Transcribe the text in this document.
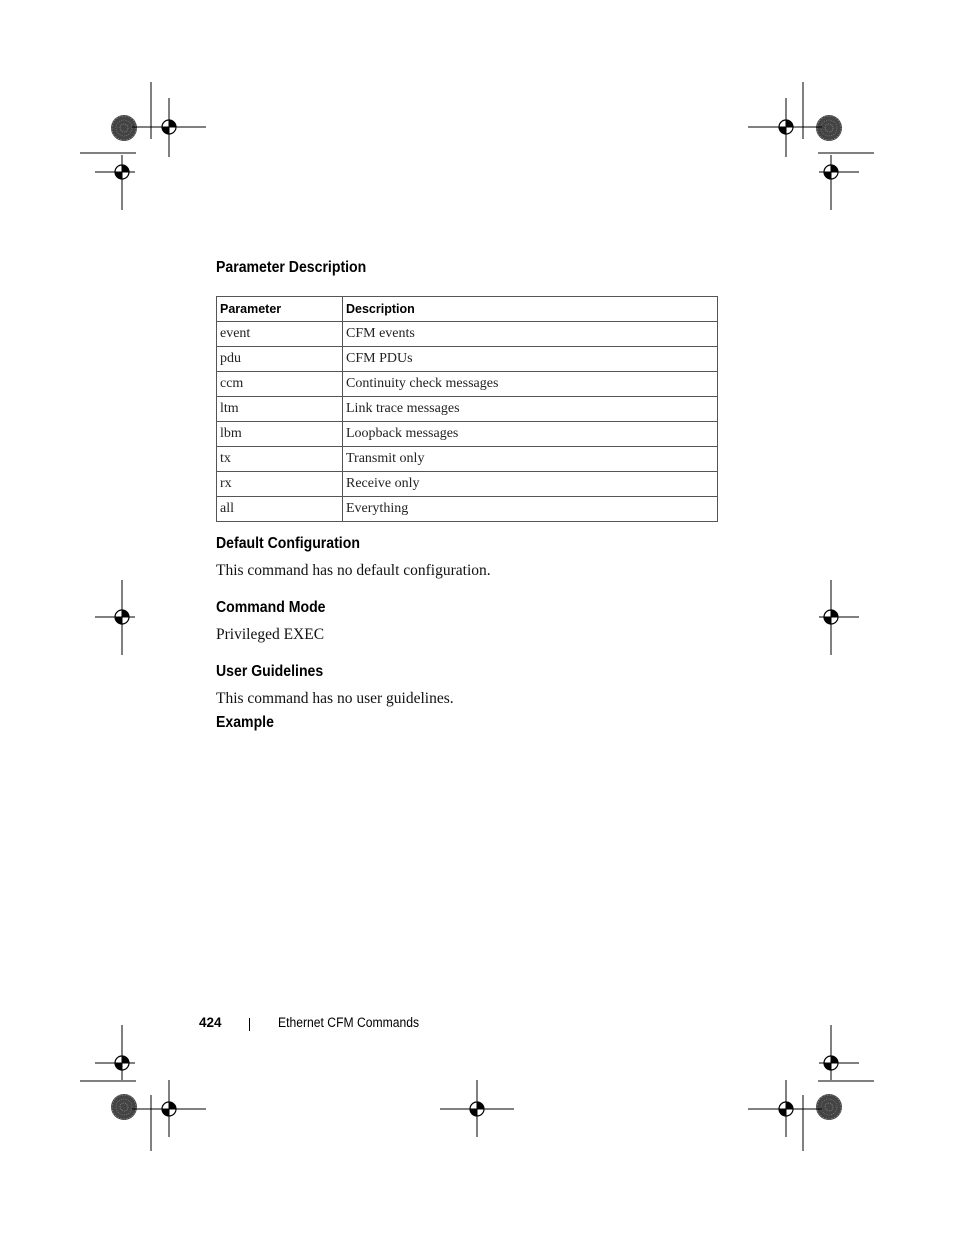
Parameter Description
Parameter	Description
event	CFM events
pdu	CFM PDUs
ccm	Continuity check messages
ltm	Link trace messages
lbm	Loopback messages
tx	Transmit only
rx	Receive only
all	Everything
Default Configuration
This command has no default configuration.
Command Mode
Privileged EXEC
User Guidelines
This command has no user guidelines.
Example
424	Ethernet CFM Commands
